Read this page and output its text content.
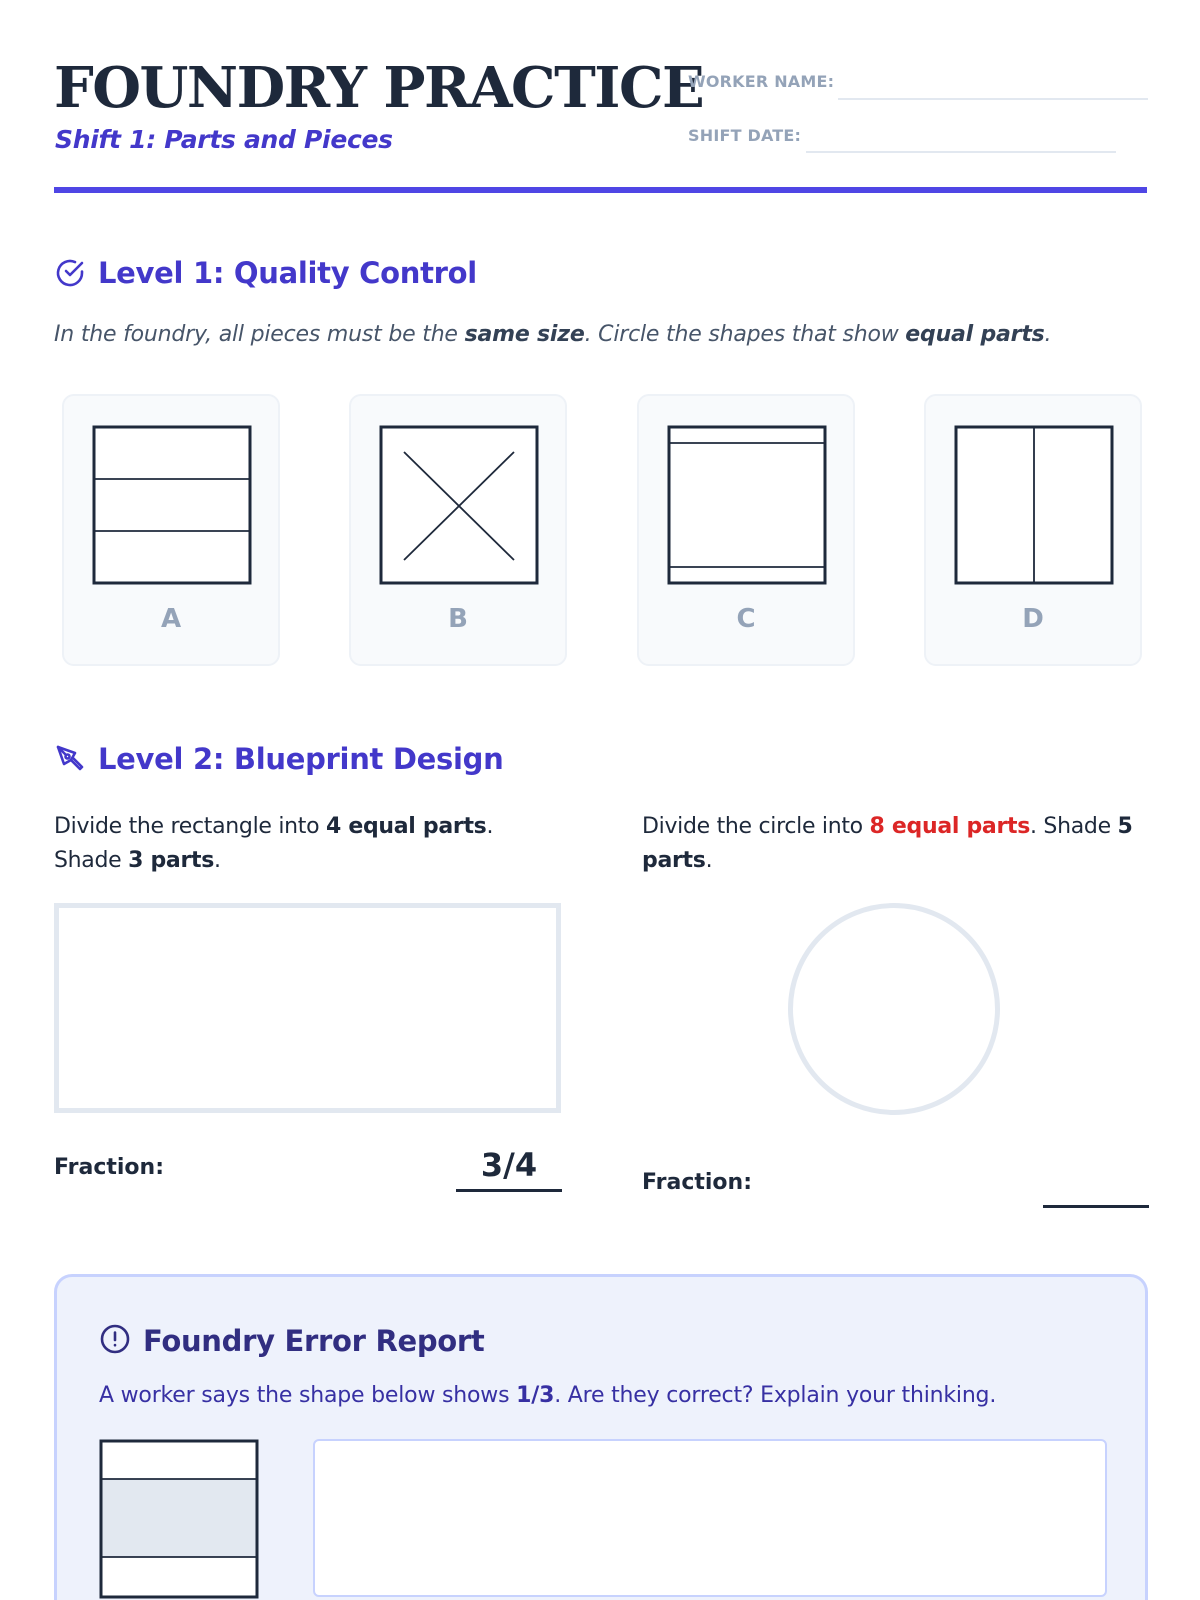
FOUNDRY PRACTICE
Shift 1: Parts and Pieces
WORKER NAME:
SHIFT DATE:
Level 1: Quality Control
In the foundry, all pieces must be the same size. Circle the shapes that show equal parts.
A	B	C	D
Level 2: Blueprint Design
Divide the rectangle into 4 equal parts.
Shade 3 parts.
Divide the circle into 8 equal parts. Shade 5
parts.
Fraction:	3/4	Fraction:
Foundry Error Report
A worker says the shape below shows 1/3. Are they correct? Explain your thinking.
